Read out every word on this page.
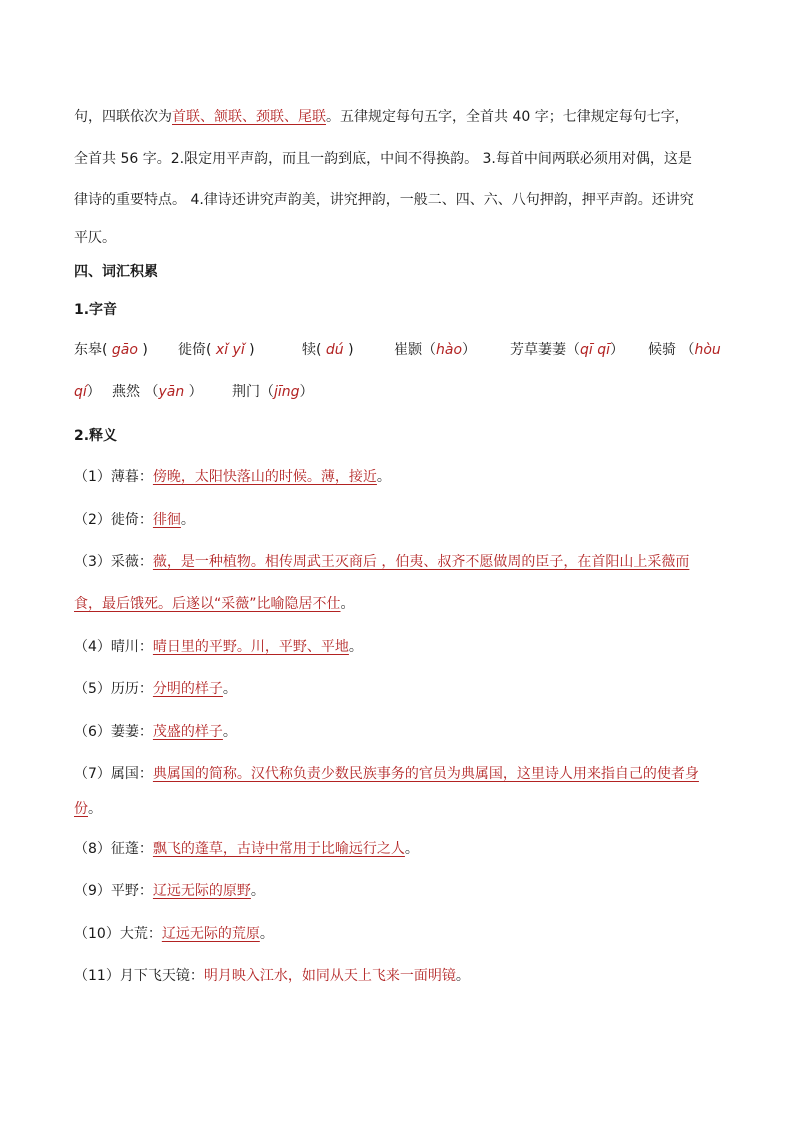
句，四联依次为首联、颔联、颈联、尾联。五律规定每句五字，全首共 40 字；七律规定每句七字，
全首共 56 字。2.限定用平声韵，而且一韵到底，中间不得换韵。 3.每首中间两联必须用对偶，这是
律诗的重要特点。 4.律诗还讲究声韵美，讲究押韵，一般二、四、六、八句押韵，押平声韵。还讲究
平仄。
四、词汇积累
1.字音
东皋( gāo ) 徙倚( xǐ yǐ )	犊( dú )	崔颢（hào） 芳草萋萋（qī qī） 候骑 （hòu
qí） 燕然 （yān ） 荆门（jīng）
2.释义
（1）薄暮：傍晚，太阳快落山的时候。薄，接近。
（2）徙倚：徘徊。
（3）采薇：薇，是一种植物。相传周武王灭商后 ，伯夷、叔齐不愿做周的臣子，在首阳山上采薇而
食，最后饿死。后遂以“采薇”比喻隐居不仕。
（4）晴川：晴日里的平野。川，平野、平地。
（5）历历：分明的样子。
（6）萋萋：茂盛的样子。
（7）属国：典属国的简称。汉代称负责少数民族事务的官员为典属国，这里诗人用来指自己的使者身
份。
（8）征蓬：飘飞的蓬草，古诗中常用于比喻远行之人。
（9）平野：辽远无际的原野。
（10）大荒：辽远无际的荒原。
（11）月下飞天镜：明月映入江水，如同从天上飞来一面明镜。
